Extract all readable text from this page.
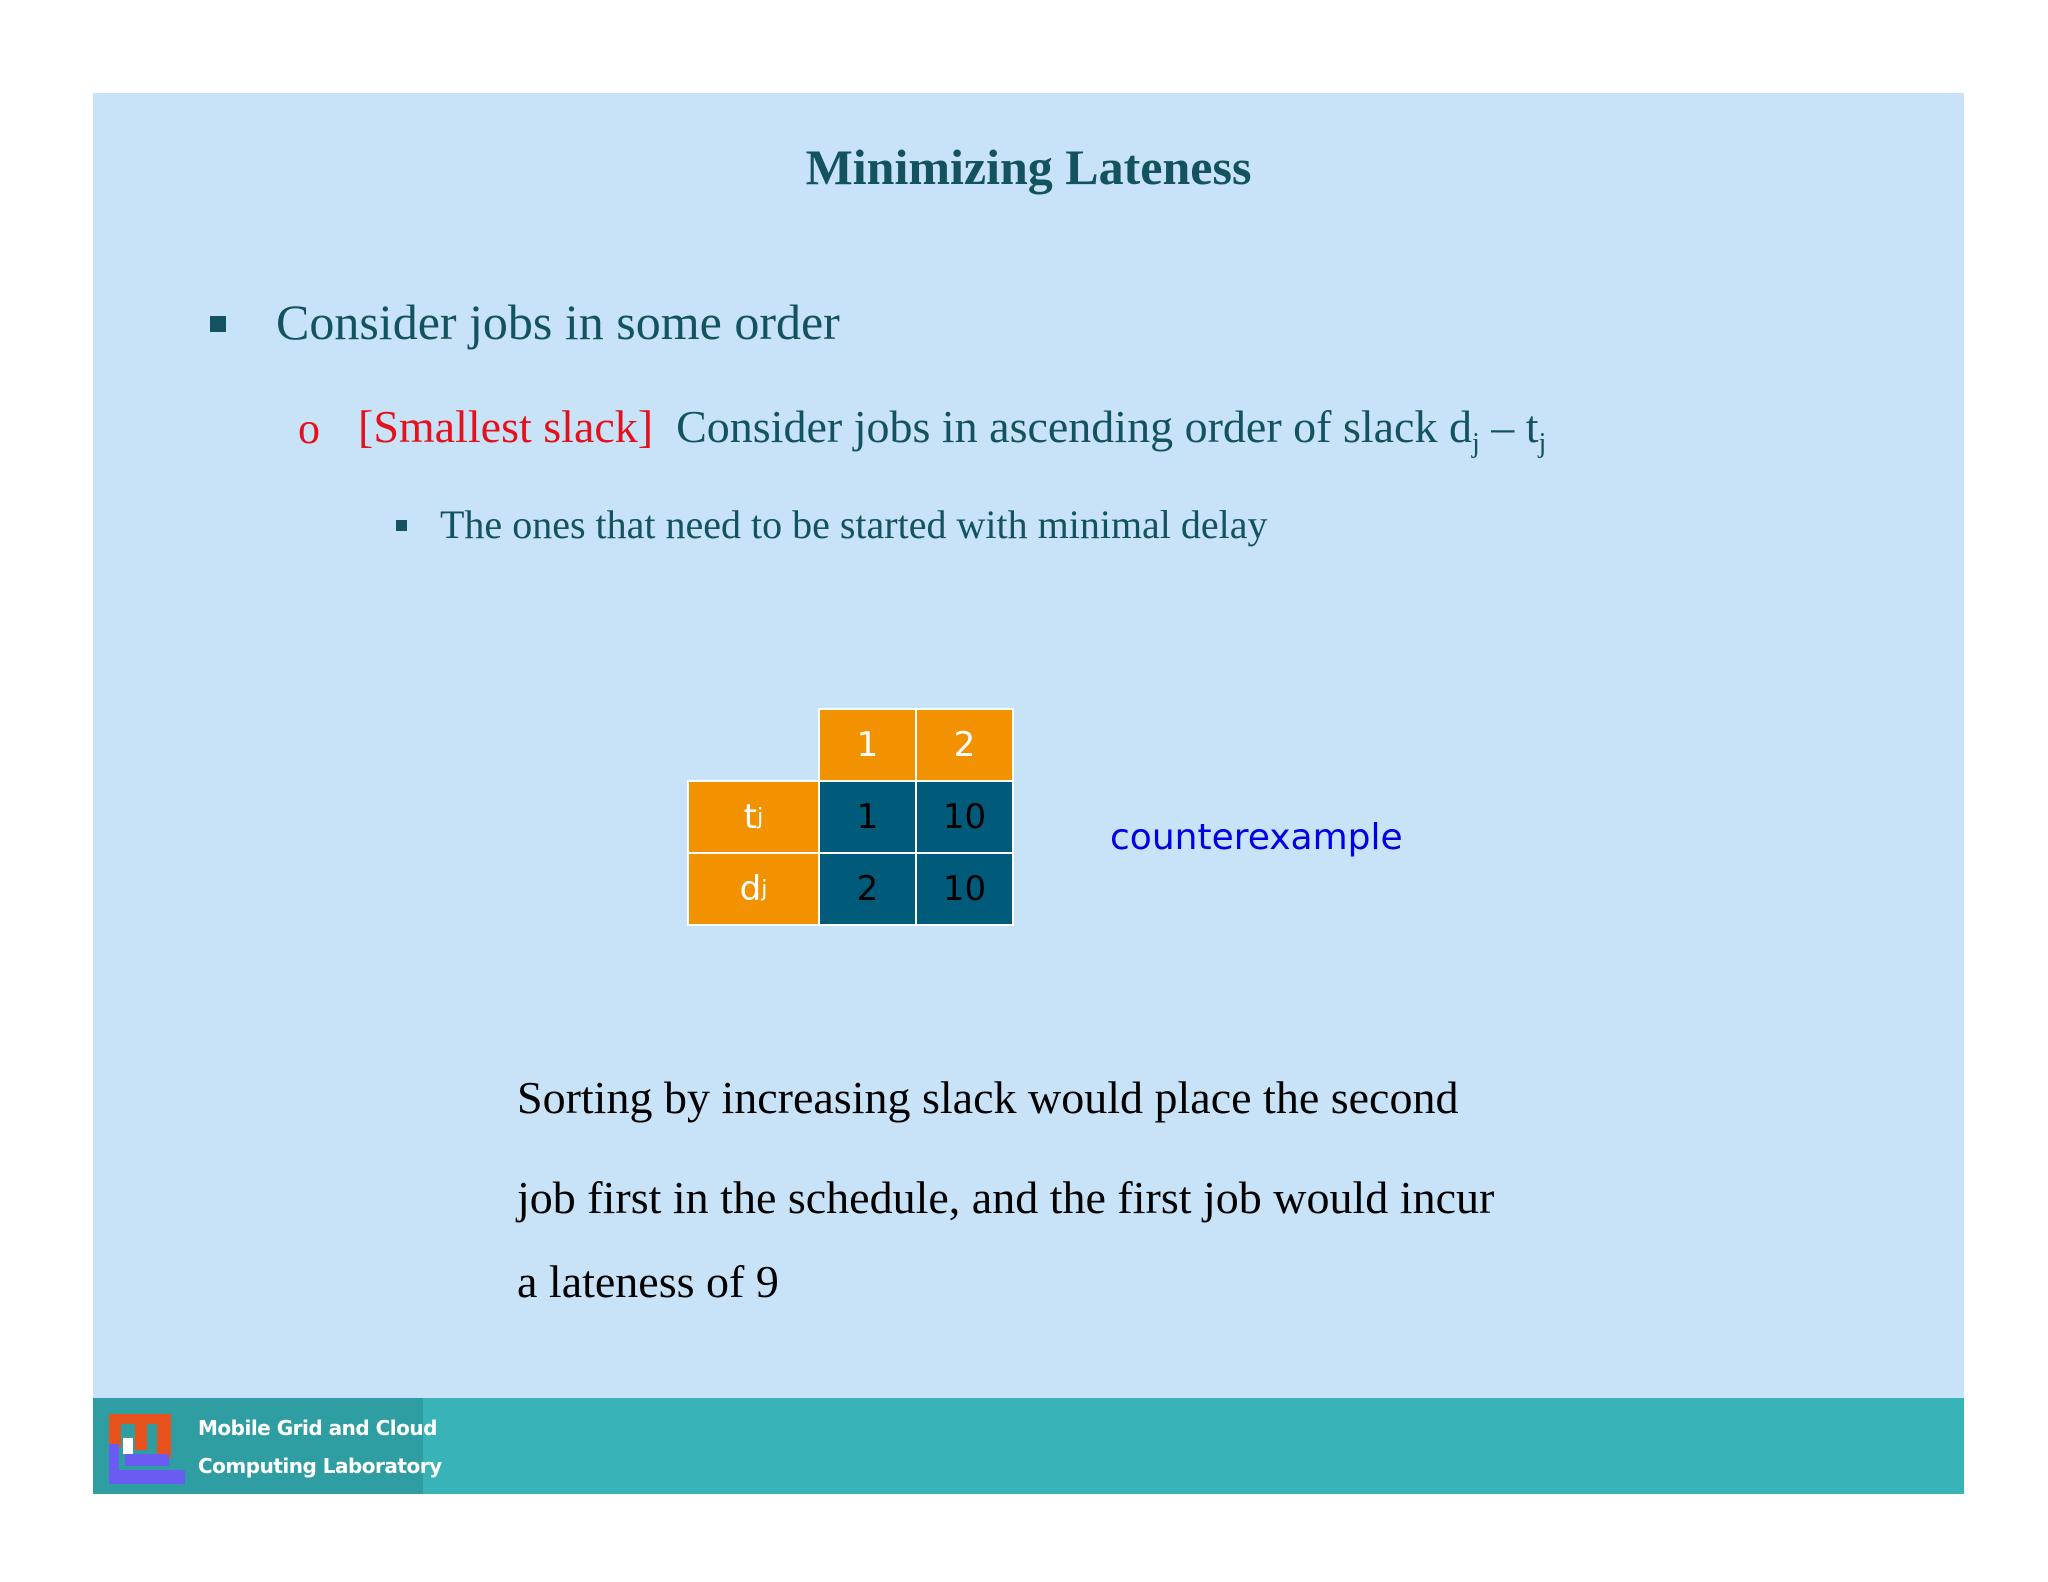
Minimizing Lateness
Consider jobs in some order
o [Smallest slack] Consider jobs in ascending order of slack $d_j - t_j$
The ones that need to be started with minimal delay
1 2
t j	1 10
d j	2 10
counterexample
Sorting by increasing slack would place the second
job first in the schedule, and the first job would incur
a lateness of 9
Mobile Grid and Cloud
Computing Laboratory
